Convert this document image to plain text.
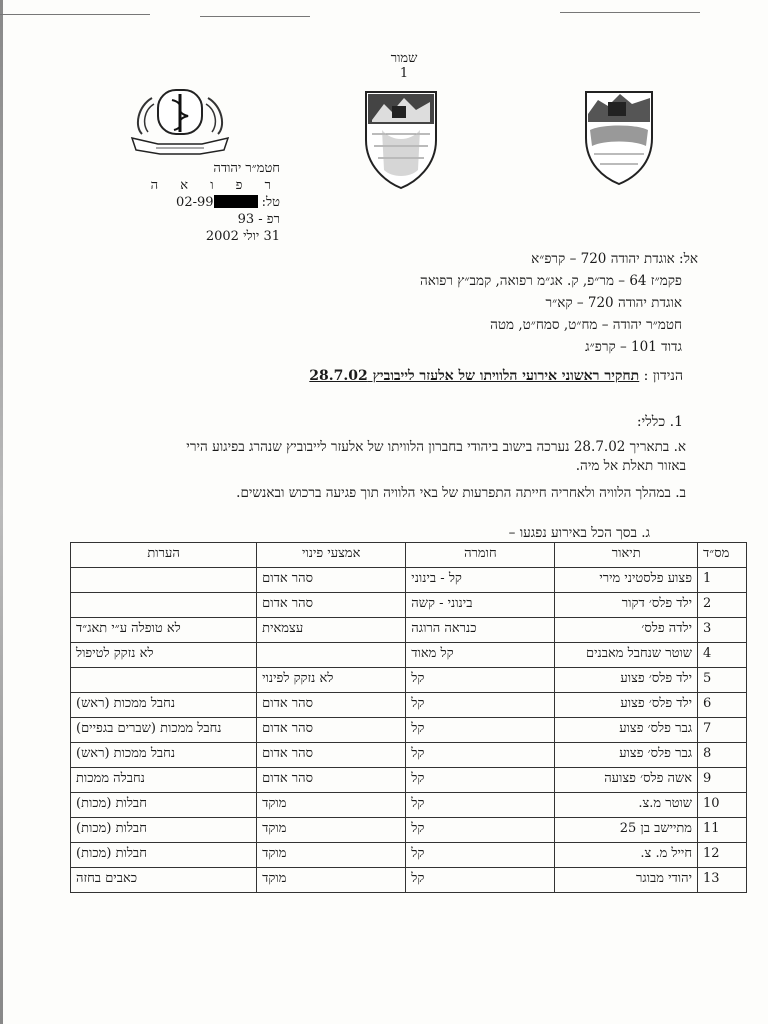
שמור
1
חטמ״ר יהודה
ר פ ו א ה
טל: 02-99
רפ - 93
31 יולי 2002
אל: אוגדת יהודה 720 – קרפ״א
פקמ״ז 64 – מר״פ, ק. אג״מ רפואה, קמב״ץ רפואה
אוגדת יהודה 720 – קא״ר
חטמ״ר יהודה – מח״ט, סמח״ט, מטה
גדוד 101 – קרפ״ג
הנידון : תחקיר ראשוני אירועי הלוויתו של אלעזר לייבוביץ 28.7.02
1. כללי:
א. בתאריך 28.7.02 נערכה בישוב ביהודי בחברון הלוויתו של אלעזר לייבוביץ שנהרג בפיגוע הירי באזור תאלת אל מיה.
ב. במהלך הלוויה ולאחריה חייתה התפרעות של באי הלוויה תוך פגיעה ברכוש ובאנשים.
ג. בסך הכל באירוע נפגעו –
מס״ד	תיאור	חומרה	אמצעי פינוי	הערות
1	פצוע פלסטיני מירי	קל - בינוני	סהר אדום	
2	ילד פלס׳ דקור	בינוני - קשה	סהר אדום	
3	ילדה פלס׳	כנראה הרוגה	עצמאית	לא טופלה ע״י תאג״ד
4	שוטר שנחבל מאבנים	קל מאוד		לא נזקק לטיפול
5	ילד פלס׳ פצוע	קל	לא נזקק לפינוי	
6	ילד פלס׳ פצוע	קל	סהר אדום	נחבל ממכות (ראש)
7	גבר פלס׳ פצוע	קל	סהר אדום	נחבל ממכות (שברים בגפיים)
8	גבר פלס׳ פצוע	קל	סהר אדום	נחבל ממכות (ראש)
9	אשה פלס׳ פצועה	קל	סהר אדום	נחבלה ממכות
10	שוטר מ.צ.	קל	מוקד	חבלות (מכות)
11	מתיישב בן 25	קל	מוקד	חבלות (מכות)
12	חייל מ. צ.	קל	מוקד	חבלות (מכות)
13	יהודי מבוגר	קל	מוקד	כאבים בחזה
